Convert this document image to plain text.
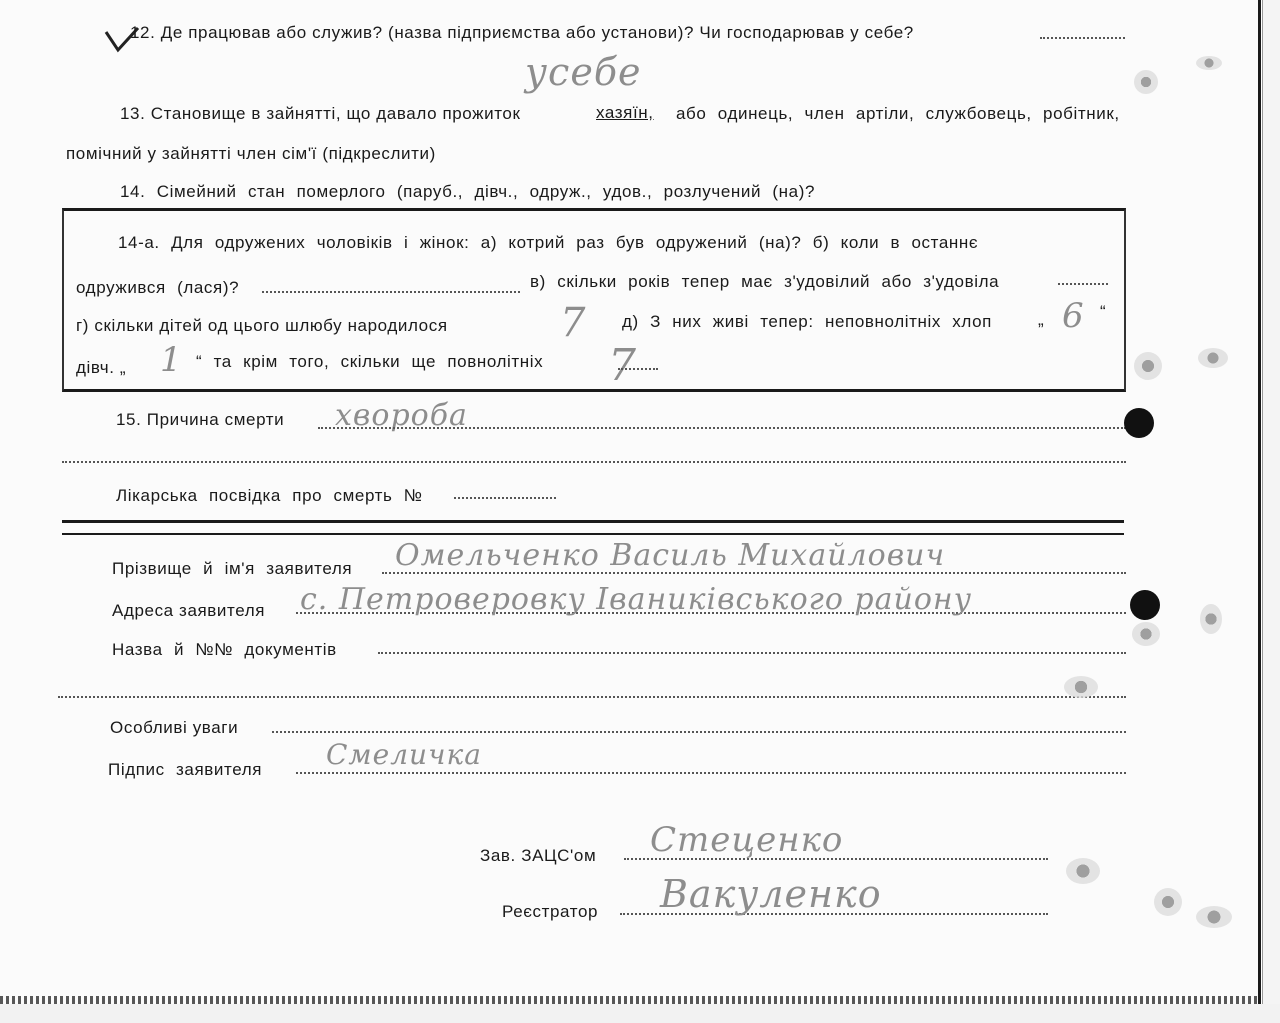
12. Де працював або служив? (назва підприємства або установи)? Чи господарював у себе?
усебе
13. Становище в зайнятті, що давало прожиток	хазяїн, або одинець, член артіли, службовець, робітник,
помічний у зайнятті член сім'ї (підкреслити)
14. Сімейний стан померлого (паруб., дівч., одруж., удов., розлучений (на)?
14-а. Для одружених чоловіків і жінок: а) котрий раз був одружений (на)? б) коли в останнє
одружився (лася)?	в) скільки років тепер має з'удовілий або з'удовіла
г) скільки дітей од цього шлюбу народилося	7 д) З них живі тепер: неповнолітніх хлоп	„ 6 “
дівч. „ 1 “ та крім того, скільки ще повнолітніх 7
15. Причина смерти хвороба
Лікарська посвідка про смерть №
Прізвище й ім'я заявителя Омельченко Василь Михайлович
Адреса заявителя с. Петроверовку Іваниківського району
Назва й №№ документів
Особливі уваги
Підпис заявителя Смеличка
Зав. ЗАЦС'ом Стеценко
Реєстратор Вакуленко
